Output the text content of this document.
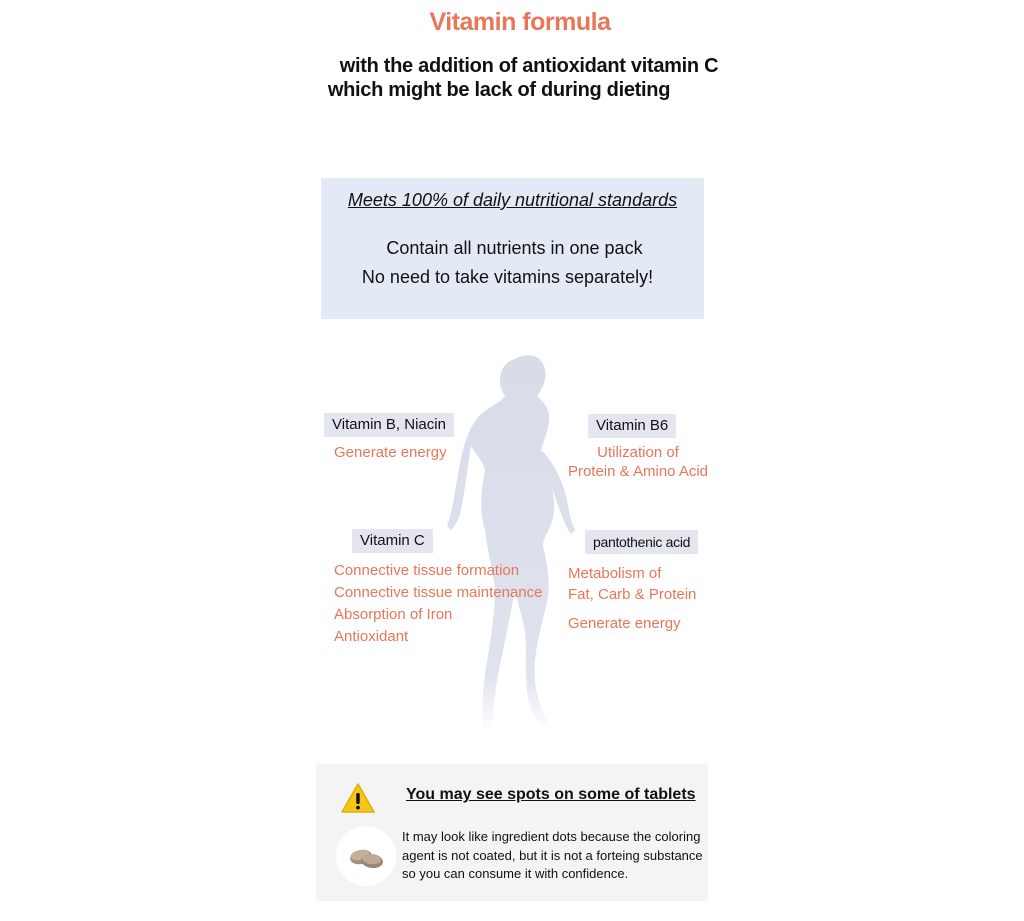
Vitamin formula
with the addition of antioxidant vitamin C
which might be lack of during dieting
Meets 100% of daily nutritional standards
Contain all nutrients in one pack
No need to take vitamins separately!
Vitamin B, Niacin
Generate energy
Vitamin B6
Utilization of
Protein & Amino Acid
Vitamin C
Connective tissue formation
Connective tissue maintenance
Absorption of Iron
Antioxidant
pantothenic acid
Metabolism of
Fat, Carb & Protein
Generate energy
You may see spots on some of tablets
It may look like ingredient dots because the coloring
agent is not coated, but it is not a forteing substance
so you can consume it with confidence.
